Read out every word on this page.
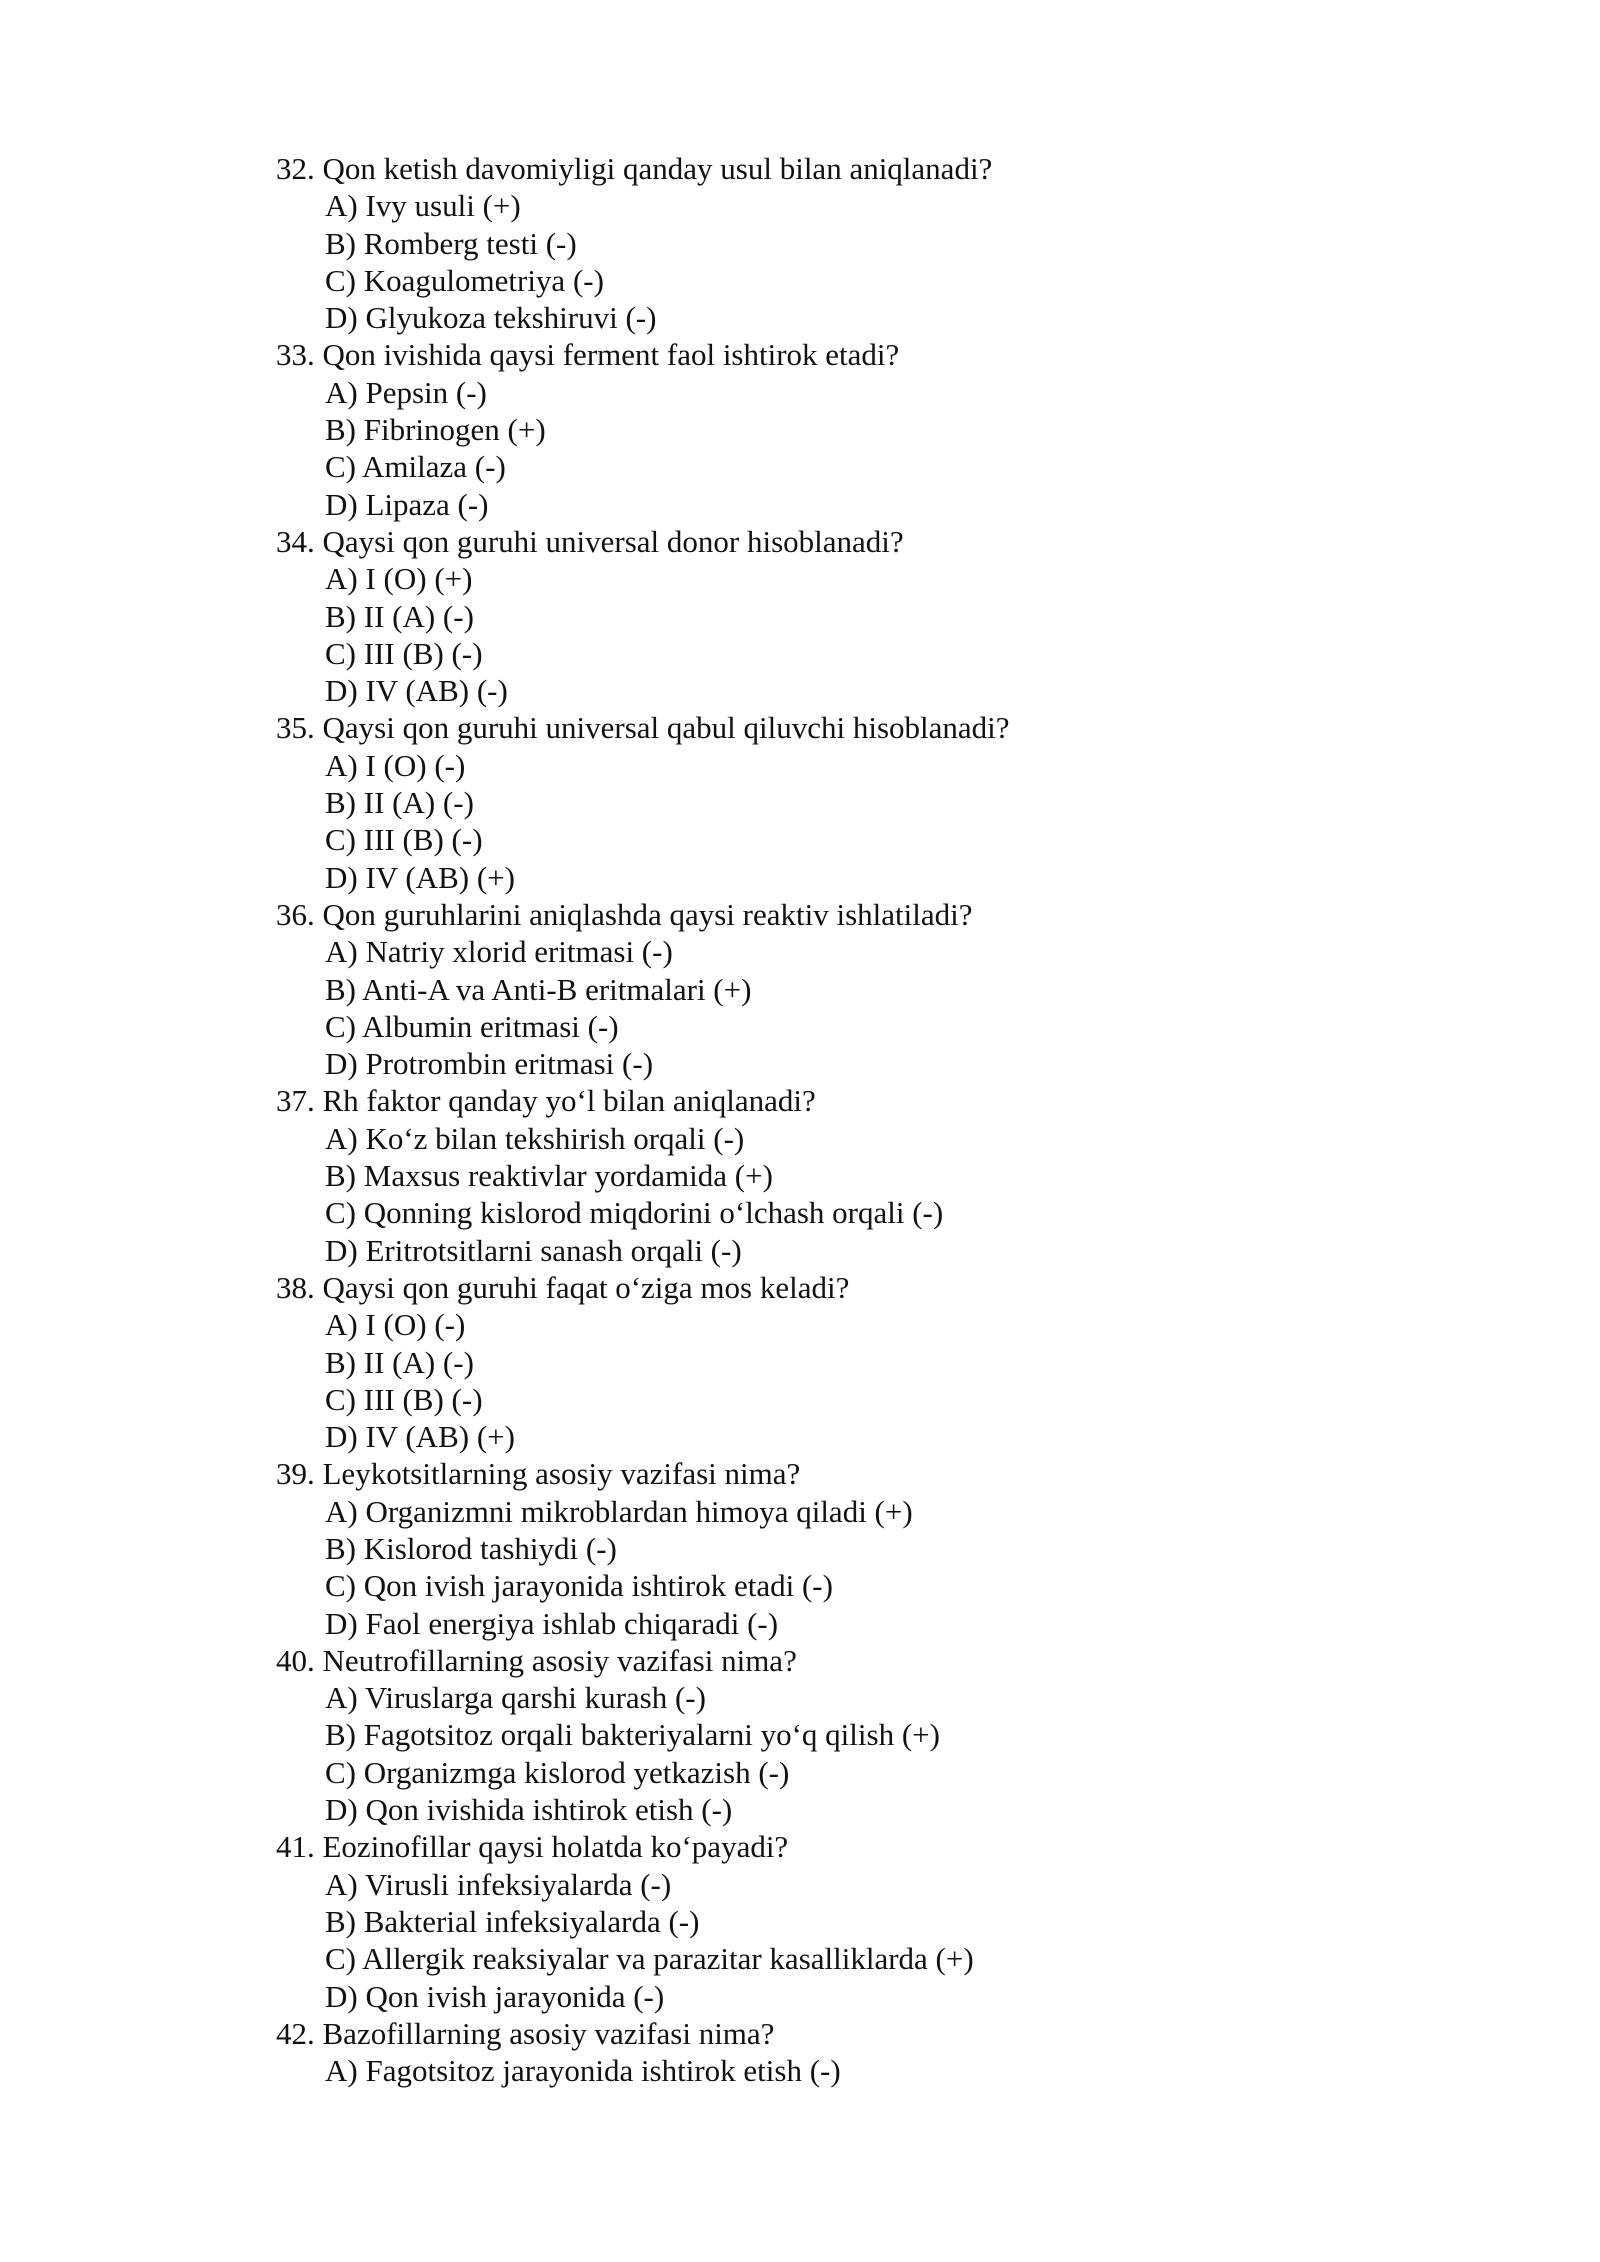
32. Qon ketish davomiyligi qanday usul bilan aniqlanadi?
A) Ivy usuli (+)
B) Romberg testi (-)
C) Koagulometriya (-)
D) Glyukoza tekshiruvi (-)
33. Qon ivishida qaysi ferment faol ishtirok etadi?
A) Pepsin (-)
B) Fibrinogen (+)
C) Amilaza (-)
D) Lipaza (-)
34. Qaysi qon guruhi universal donor hisoblanadi?
A) I (O) (+)
B) II (A) (-)
C) III (B) (-)
D) IV (AB) (-)
35. Qaysi qon guruhi universal qabul qiluvchi hisoblanadi?
A) I (O) (-)
B) II (A) (-)
C) III (B) (-)
D) IV (AB) (+)
36. Qon guruhlarini aniqlashda qaysi reaktiv ishlatiladi?
A) Natriy xlorid eritmasi (-)
B) Anti-A va Anti-B eritmalari (+)
C) Albumin eritmasi (-)
D) Protrombin eritmasi (-)
37. Rh faktor qanday yo‘l bilan aniqlanadi?
A) Ko‘z bilan tekshirish orqali (-)
B) Maxsus reaktivlar yordamida (+)
C) Qonning kislorod miqdorini o‘lchash orqali (-)
D) Eritrotsitlarni sanash orqali (-)
38. Qaysi qon guruhi faqat o‘ziga mos keladi?
A) I (O) (-)
B) II (A) (-)
C) III (B) (-)
D) IV (AB) (+)
39. Leykotsitlarning asosiy vazifasi nima?
A) Organizmni mikroblardan himoya qiladi (+)
B) Kislorod tashiydi (-)
C) Qon ivish jarayonida ishtirok etadi (-)
D) Faol energiya ishlab chiqaradi (-)
40. Neutrofillarning asosiy vazifasi nima?
A) Viruslarga qarshi kurash (-)
B) Fagotsitoz orqali bakteriyalarni yo‘q qilish (+)
C) Organizmga kislorod yetkazish (-)
D) Qon ivishida ishtirok etish (-)
41. Eozinofillar qaysi holatda ko‘payadi?
A) Virusli infeksiyalarda (-)
B) Bakterial infeksiyalarda (-)
C) Allergik reaksiyalar va parazitar kasalliklarda (+)
D) Qon ivish jarayonida (-)
42. Bazofillarning asosiy vazifasi nima?
A) Fagotsitoz jarayonida ishtirok etish (-)
